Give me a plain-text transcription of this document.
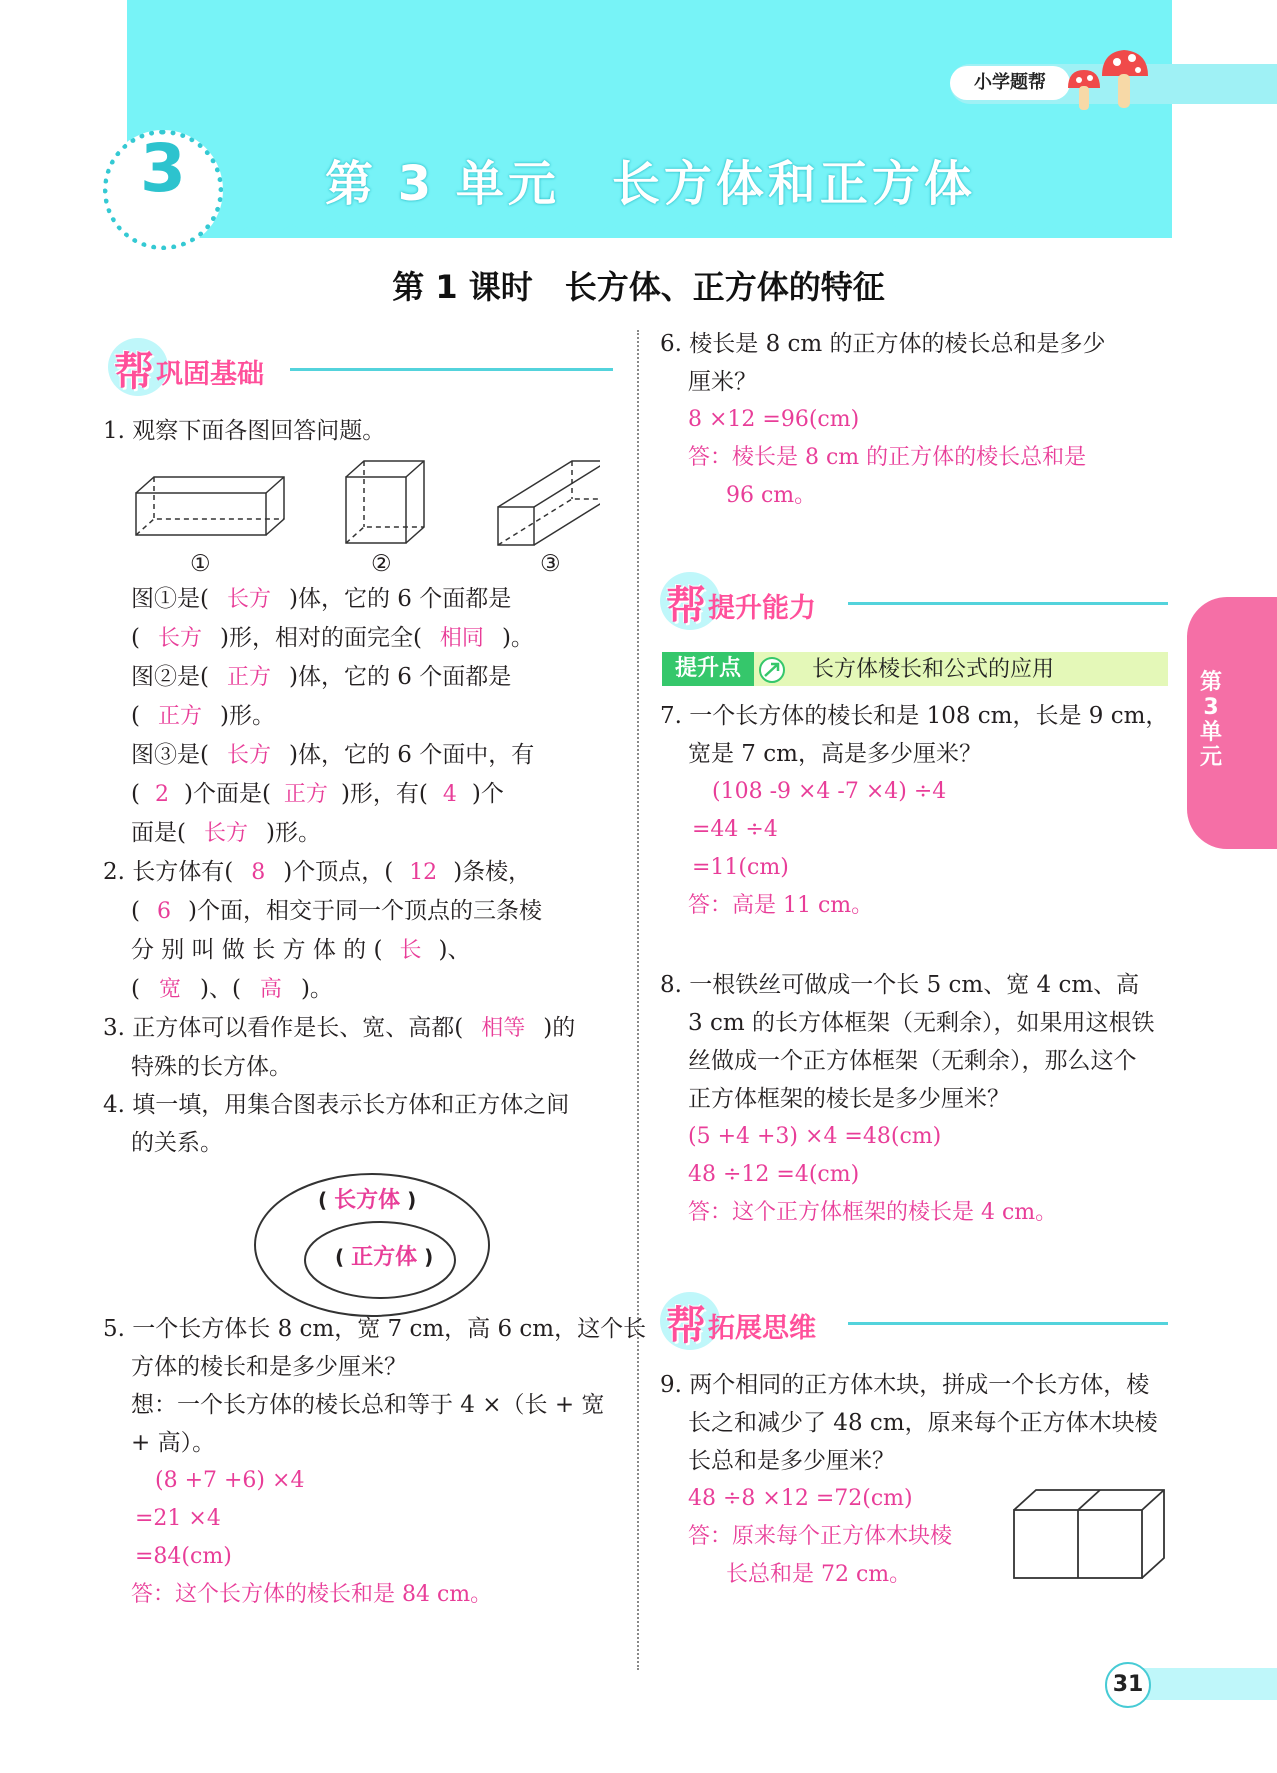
小学题帮
3	第 3 单元　长方体和正方体
第 1 课时　长方体、正方体的特征
帮 巩固基础
1. 观察下面各图回答问题。
①	②	③
图①是( 长方 )体，它的 6 个面都是
( 长方 )形，相对的面完全( 相同 )。
图②是( 正方 )体，它的 6 个面都是
( 正方 )形。
图③是( 长方 )体，它的 6 个面中，有
( 2 )个面是( 正方 )形，有( 4 )个
面是( 长方 )形。
2. 长方体有( 8 )个顶点，( 12 )条棱，
( 6 )个面，相交于同一个顶点的三条棱
分 别 叫 做 长 方 体 的 ( 长 )、
( 宽 )、( 高 )。
3. 正方体可以看作是长、宽、高都( 相等 )的
特殊的长方体。
4. 填一填，用集合图表示长方体和正方体之间
的关系。
( 长方体 )
( 正方体 )
5. 一个长方体长 8 cm，宽 7 cm，高 6 cm，这个长
方体的棱长和是多少厘米？
想：一个长方体的棱长总和等于 4 ×（长 + 宽
+ 高）。
(8 +7 +6) ×4
=21 ×4
=84(cm)
答：这个长方体的棱长和是 84 cm。
6. 棱长是 8 cm 的正方体的棱长总和是多少
厘米？
8 ×12 =96(cm)
答：棱长是 8 cm 的正方体的棱长总和是
96 cm。
帮 提升能力
提升点	长方体棱长和公式的应用
7. 一个长方体的棱长和是 108 cm，长是 9 cm，
宽是 7 cm，高是多少厘米？
(108 -9 ×4 -7 ×4) ÷4
=44 ÷4
=11(cm)
答：高是 11 cm。
8. 一根铁丝可做成一个长 5 cm、宽 4 cm、高
3 cm 的长方体框架（无剩余），如果用这根铁
丝做成一个正方体框架（无剩余），那么这个
正方体框架的棱长是多少厘米？
(5 +4 +3) ×4 =48(cm)
48 ÷12 =4(cm)
答：这个正方体框架的棱长是 4 cm。
帮 拓展思维
9. 两个相同的正方体木块，拼成一个长方体，棱
长之和减少了 48 cm，原来每个正方体木块棱
长总和是多少厘米？
48 ÷8 ×12 =72(cm)
答：原来每个正方体木块棱
长总和是 72 cm。
第3单元
31
